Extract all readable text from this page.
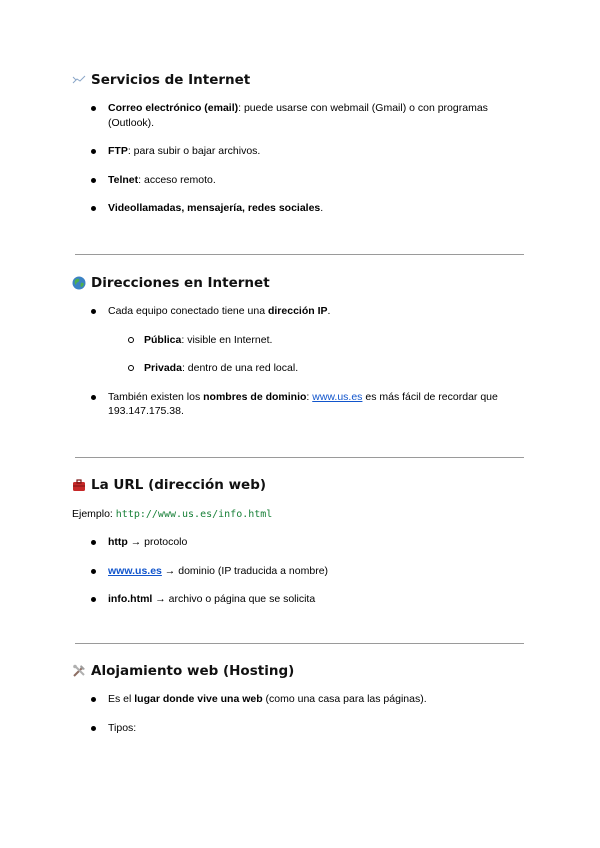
Servicios de Internet
Correo electrónico (email): puede usarse con webmail (Gmail) o con programas (Outlook).
FTP: para subir o bajar archivos.
Telnet: acceso remoto.
Videollamadas, mensajería, redes sociales.
Direcciones en Internet
Cada equipo conectado tiene una dirección IP.
Pública: visible en Internet.
Privada: dentro de una red local.
También existen los nombres de dominio: www.us.es es más fácil de recordar que 193.147.175.38.
La URL (dirección web)

Ejemplo: http://www.us.es/info.html

http → protocolo
www.us.es → dominio (IP traducida a nombre)
info.html → archivo o página que se solicita
Alojamiento web (Hosting)
Es el lugar donde vive una web (como una casa para las páginas).
Tipos:
